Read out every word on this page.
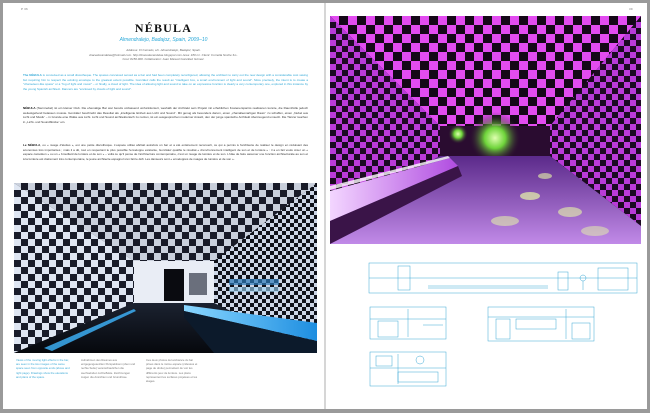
P 36
NÉBULA
Almendralejo, Badajoz, Spain, 2009–10
Address: Cl Cerrado, s/n. Almendralejo, Badajoz, Spain.
dracedecandelas@hotmail.com. http://dracedecandelas.blogspot.com Area: 180 m². Client: Cornella Noche S.L.
Cost: €150.000. Collaborator: Juan Manuel González Gómez.
The NÉBULA is conceived as a small discotheque. The spaces conceived served as a bar and had been completely reconfigured, allowing the architect to carry out the new design with a considerable cost saving but requiring him to respect the existing envelope to the greatest extent possible. González calls the result an "intelligent box, a smart environment of light and sound". More precisely, the intent is to create a "chameleon-like space" or a "fog of light and music" – or finally, a cloud of light. The idea of allowing light and sound to take on an expressive function is clearly a very contemporary one, explored in this instance by the young Spanish architect. Dancers are "enclosed by clouds of light and sound".
NÉBULA (Sternnebel) ist ein kleiner Club. Die ehemalige Bar war bereits umfassend umfunktioniert, weshalb der Architekt sein Projekt mit erheblichen Kostenersparnis realisieren konnte, die Raumhülle jedoch weitestgehend belassen musste. González beschreibt das Resultat als „intelligente Einheit aus Licht und Sound“. Mit genug als besonders darum, einen „chamäleonartigen Raum“ zu schaffen, einen „Nebel aus Licht und Musik“ – in Grunde eine Wolke aus Licht. Licht und Sound architektonisch zu nutzen, ist ein ausgesprochen moderner Ansatz, den der junge spanische Architekt überzeugend umsetzt. Die Tänzer tauchen in „Licht- und Soundblöcke“ ein.
Le NÉBULA, ou « nuage d'étoiles », est une petite discothèque. L'espace utilisé abritait autrefois un bar et a été entièrement reconverti, ce qui a permis à l'architecte de réaliser le design en réduisant des économies très importantes ; mais il a dû, tout en respectant le plus possible l'enveloppe existante, González qualifie le résultat « d'environnement intelligent de son et de lumière » : il a en fait voulu créer un « espace caméléon » ou un « brouillard de lumière et de son » – voilà ce qu'il pense de l'architecture contemporaine, c'est un nuage de lumière et de son. L'idée de faire assumer une fonction architecturale au son et à la lumière est clairement très contemporaine, le jeune architecte espagnol s'en fait le défi. Les danseurs sont « enveloppés de nuages de lumière et de son ».
Views of the moving light effects in the bar, are seen in the two images of the same space seen from opposite ends (above and right page). Drawings show the elevations and plans of the space.
Aufnahmen des Raumes aus entgegengesetzten Perspektiven (oben und rechte Seite) veranschaulichen die wechselnden Lichteffekte. Zeichnungen zeigen die Ansichten und Grundrisse.
Ces deux photos del ambiance du bar prises dans le même espace (cidessus et page de droite) permettent de voir les différents jeux de lumière. Les plans représentent les surfaces projetées et les étages.
39
